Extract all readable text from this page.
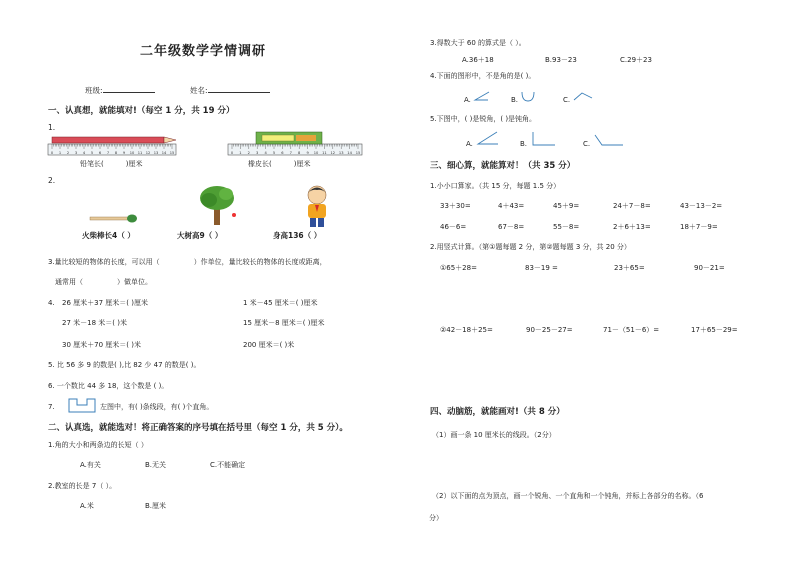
二年级数学学情调研
班级:	姓名:
一、认真想，就能填对!（每空 1 分，共 19 分）
1.
0 1 2 3 4 5 6 7 8 9 10 11 12 13 14 15
铅笔长(	)厘米
0 1 2 3 4 5 6 7 8 9 10 11 12 13 14 15
橡皮长(	)厘米
2.
火柴棒长4（ ）	大树高9（ ）	身高136（ ）
3.量比较短的物体的长度，可以用（	）作单位，量比较长的物体的长度或距离，
通常用（	）做单位。
4. 26 厘米＋37 厘米＝( )厘米	1 米－45 厘米＝( )厘米
27 米－18 米＝( )米	15 厘米－8 厘米＝( )厘米
30 厘米＋70 厘米＝( )米	200 厘米＝( )米
5. 比 56 多 9 的数是( ),比 82 少 47 的数是( )。
6. 一个数比 44 多 18，这个数是 ( )。
7.	左图中，有( )条线段，有( )个直角。
二、认真选，就能选对！将正确答案的序号填在括号里（每空 1 分，共 5 分）。
1.角的大小和两条边的长短（ ）
A.有关	B.无关	C.不能确定
2.教室的长是 7（ ）。
A.米	B.厘米
3.得数大于 60 的算式是（ ）。
A.36＋18	B.93－23	C.29＋23
4.下面的图形中，不是角的是( )。
A.	B.	C.
5.下图中，( )是锐角，( )是钝角。
A.	B.	C.
三、细心算，就能算对！（共 35 分）
1.小小口算家。（共 15 分，每题 1.5 分）
33＋30=	4＋43=	45＋9=	24＋7－8=	43－13－2=
46－6=	67－8=	55－8=	2＋6＋13=	18＋7－9=
2.用竖式计算。（第①题每题 2 分，第②题每题 3 分，共 20 分）
①65＋28=	83－19 =	23＋65=	90－21=
②42－18＋25=	90－25－27=	71－（51－6）=	17＋65－29=
四、动脑筋，就能画对!（共 8 分）
（1）画一条 10 厘米长的线段。（2分）
（2）以下面的点为顶点，画一个锐角、一个直角和一个钝角，并标上各部分的名称。（6
分）
